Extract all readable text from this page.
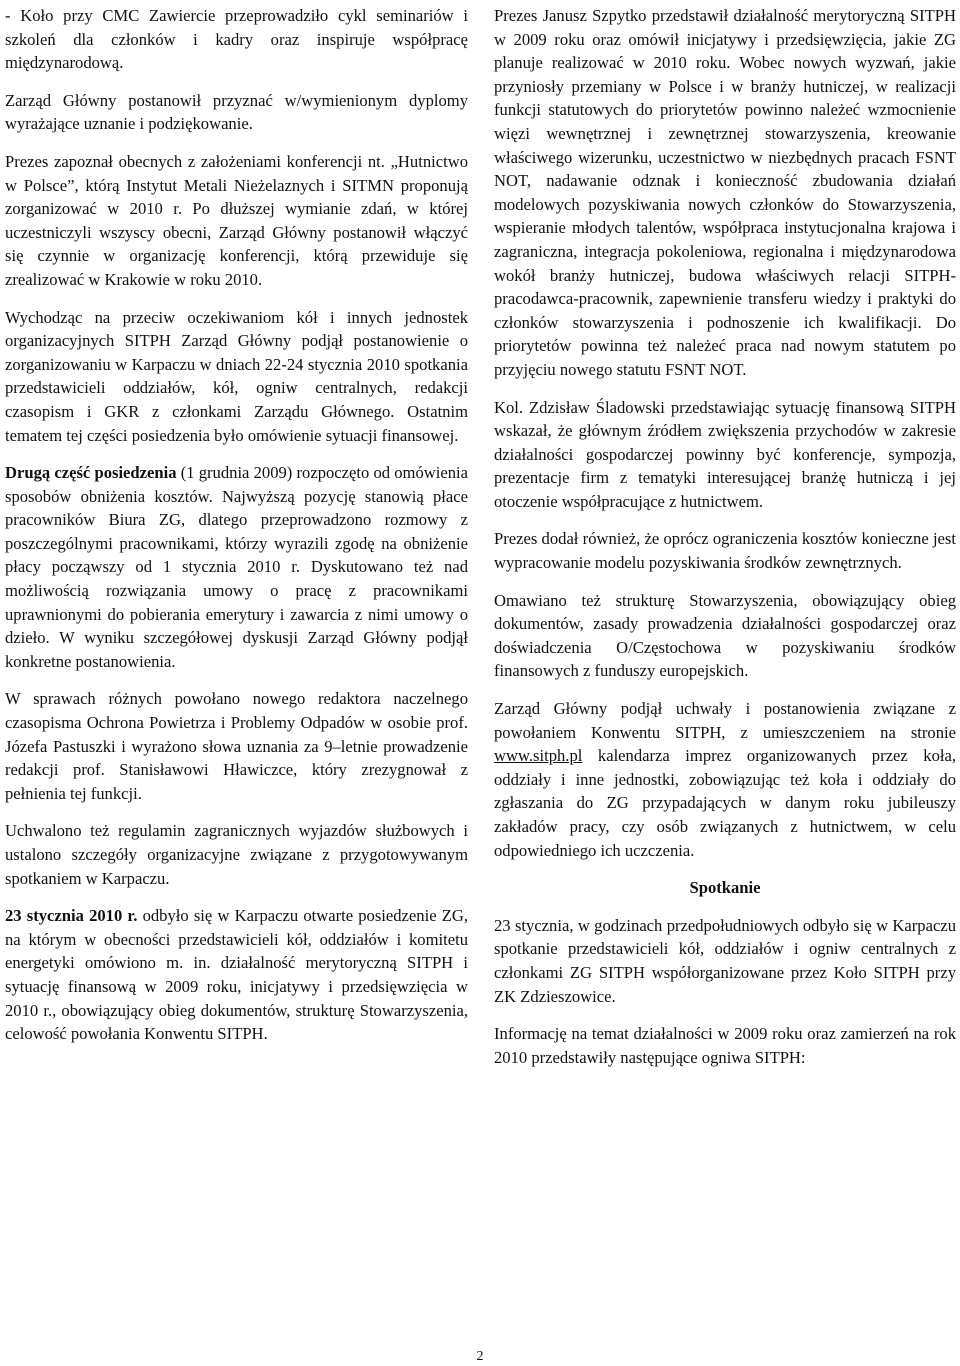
- Koło przy CMC Zawiercie przeprowadziło cykl seminariów i szkoleń dla członków i kadry oraz inspiruje współpracę międzynarodową.

Zarząd Główny postanowił przyznać w/wymienionym dyplomy wyrażające uznanie i podziękowanie.

Prezes zapoznał obecnych z założeniami konferencji nt. „Hutnictwo w Polsce”, którą Instytut Metali Nieżelaznych i SITMN proponują zorganizować w 2010 r. Po dłuższej wymianie zdań, w której uczestniczyli wszyscy obecni, Zarząd Główny postanowił włączyć się czynnie w organizację konferencji, którą przewiduje się zrealizować w Krakowie w roku 2010.

Wychodząc na przeciw oczekiwaniom kół i innych jednostek organizacyjnych SITPH Zarząd Główny podjął postanowienie o zorganizowaniu w Karpaczu w dniach 22-24 stycznia 2010 spotkania przedstawicieli oddziałów, kół, ogniw centralnych, redakcji czasopism i GKR z członkami Zarządu Głównego. Ostatnim tematem tej części posiedzenia było omówienie sytuacji finansowej.

Drugą część posiedzenia (1 grudnia 2009) rozpoczęto od omówienia sposobów obniżenia kosztów. Najwyższą pozycję stanowią płace pracowników Biura ZG, dlatego przeprowadzono rozmowy z poszczególnymi pracownikami, którzy wyrazili zgodę na obniżenie płacy począwszy od 1 stycznia 2010 r. Dyskutowano też nad możliwością rozwiązania umowy o pracę z pracownikami uprawnionymi do pobierania emerytury i zawarcia z nimi umowy o dzieło. W wyniku szczegółowej dyskusji Zarząd Główny podjął konkretne postanowienia.

W sprawach różnych powołano nowego redaktora naczelnego czasopisma Ochrona Powietrza i Problemy Odpadów w osobie prof. Józefa Pastuszki i wyrażono słowa uznania za 9–letnie prowadzenie redakcji prof. Stanisławowi Hławiczce, który zrezygnował z pełnienia tej funkcji.

Uchwalono też regulamin zagranicznych wyjazdów służbowych i ustalono szczegóły organizacyjne związane z przygotowywanym spotkaniem w Karpaczu.

23 stycznia 2010 r. odbyło się w Karpaczu otwarte posiedzenie ZG, na którym w obecności przedstawicieli kół, oddziałów i komitetu energetyki omówiono m. in. działalność merytoryczną SITPH i sytuację finansową w 2009 roku, inicjatywy i przedsięwzięcia w 2010 r., obowiązujący obieg dokumentów, strukturę Stowarzyszenia, celowość powołania Konwentu SITPH.

Prezes Janusz Szpytko przedstawił działalność merytoryczną SITPH w 2009 roku oraz omówił inicjatywy i przedsięwzięcia, jakie ZG planuje realizować w 2010 roku. Wobec nowych wyzwań, jakie przyniosły przemiany w Polsce i w branży hutniczej, w realizacji funkcji statutowych do priorytetów powinno należeć wzmocnienie więzi wewnętrznej i zewnętrznej stowarzyszenia, kreowanie właściwego wizerunku, uczestnictwo w niezbędnych pracach FSNT NOT, nadawanie odznak i konieczność zbudowania działań modelowych pozyskiwania nowych członków do Stowarzyszenia, wspieranie młodych talentów, współpraca instytucjonalna krajowa i zagraniczna, integracja pokoleniowa, regionalna i międzynarodowa wokół branży hutniczej, budowa właściwych relacji SITPH-pracodawca-pracownik, zapewnienie transferu wiedzy i praktyki do członków stowarzyszenia i podnoszenie ich kwalifikacji. Do priorytetów powinna też należeć praca nad nowym statutem po przyjęciu nowego statutu FSNT NOT.

Kol. Zdzisław Śladowski przedstawiając sytuację finansową SITPH wskazał, że głównym źródłem zwiększenia przychodów w zakresie działalności gospodarczej powinny być konferencje, sympozja, prezentacje firm z tematyki interesującej branżę hutniczą i jej otoczenie współpracujące z hutnictwem.

Prezes dodał również, że oprócz ograniczenia kosztów konieczne jest wypracowanie modelu pozyskiwania środków zewnętrznych.

Omawiano też strukturę Stowarzyszenia, obowiązujący obieg dokumentów, zasady prowadzenia działalności gospodarczej oraz doświadczenia O/Częstochowa w pozyskiwaniu środków finansowych z funduszy europejskich.

Zarząd Główny podjął uchwały i postanowienia związane z powołaniem Konwentu SITPH, z umieszczeniem na stronie www.sitph.pl kalendarza imprez organizowanych przez koła, oddziały i inne jednostki, zobowiązując też koła i oddziały do zgłaszania do ZG przypadających w danym roku jubileuszy zakładów pracy, czy osób związanych z hutnictwem, w celu odpowiedniego ich uczczenia.

Spotkanie

23 stycznia, w godzinach przedpołudniowych odbyło się w Karpaczu spotkanie przedstawicieli kół, oddziałów i ogniw centralnych z członkami ZG SITPH współorganizowane przez Koło SITPH przy ZK Zdzieszowice.

Informację na temat działalności w 2009 roku oraz zamierzeń na rok 2010 przedstawiły następujące ogniwa SITPH:

2
